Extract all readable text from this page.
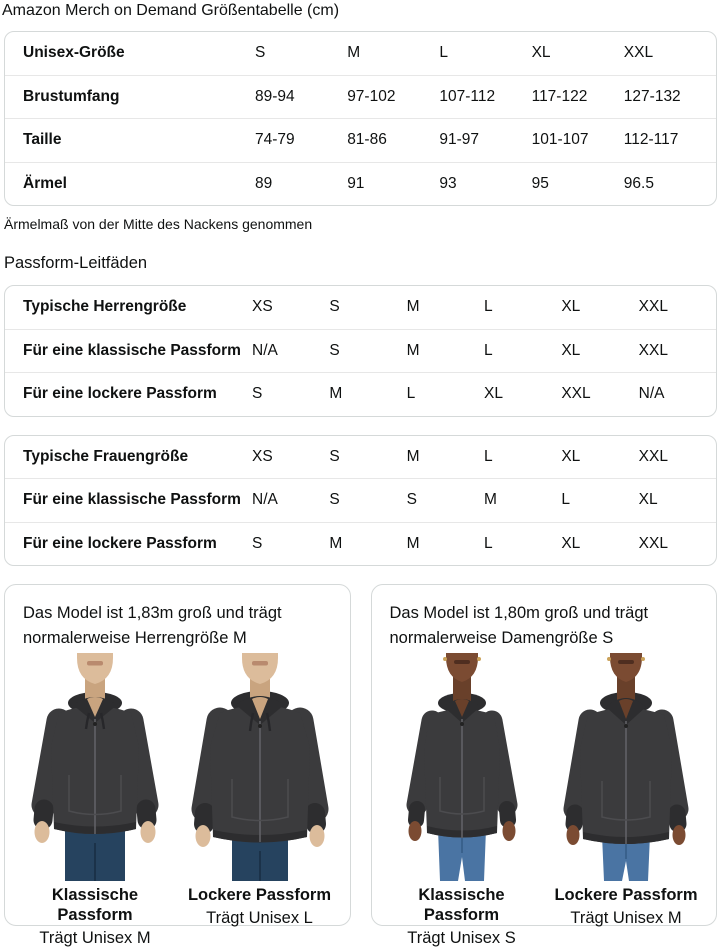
Amazon Merch on Demand Größentabelle (cm)
Unisex-Größe	S	M	L	XL	XXL
Brustumfang	89-94	97-102	107-112	117-122	127-132
Taille	74-79	81-86	91-97	101-107	112-117
Ärmel	89	91	93	95	96.5
Ärmelmaß von der Mitte des Nackens genommen
Passform-Leitfäden
Typische Herrengröße	XS	S	M	L	XL	XXL
Für eine klassische Passform N/A	S	M	L	XL	XXL
Für eine lockere Passform	S	M	L	XL	XXL	N/A
Typische Frauengröße	XS	S	M	L	XL	XXL
Für eine klassische Passform N/A	S	S	M	L	XL
Für eine lockere Passform	S	M	M	L	XL	XXL
Das Model ist 1,83m groß und trägt normalerweise Herrengröße M
Klassische Passform
Trägt Unisex M
Lockere Passform
Trägt Unisex L
Das Model ist 1,80m groß und trägt normalerweise Damengröße S
Klassische Passform
Trägt Unisex S
Lockere Passform
Trägt Unisex M
